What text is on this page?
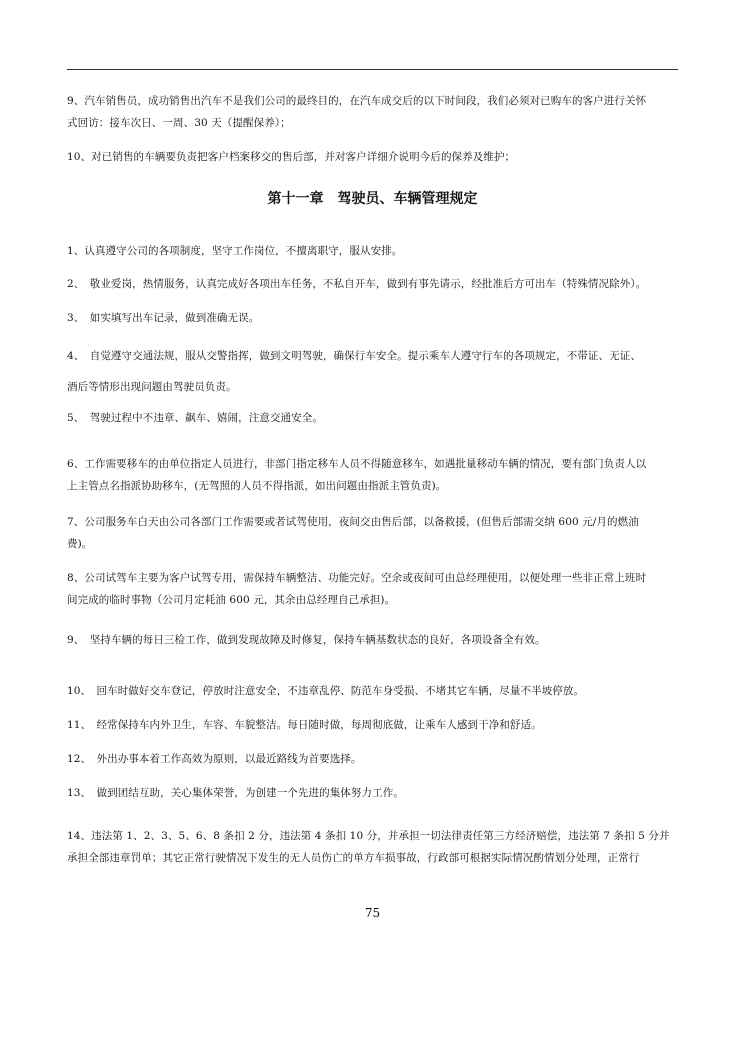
9、汽车销售员，成功销售出汽车不是我们公司的最终目的，在汽车成交后的以下时间段，我们必须对已购车的客户进行关怀
式回访：接车次日、一周、30 天（提醒保养）；
10、对已销售的车辆要负责把客户档案移交的售后部，并对客户详细介说明今后的保养及维护；
第十一章　驾驶员、车辆管理规定
1、认真遵守公司的各项制度，坚守工作岗位，不擅离职守，服从安排。
2、　敬业爱岗，热情服务，认真完成好各项出车任务，不私自开车，做到有事先请示，经批准后方可出车（特殊情况除外）。
3、　如实填写出车记录，做到准确无误。
4、　自觉遵守交通法规，服从交警指挥，做到文明驾驶，确保行车安全。提示乘车人遵守行车的各项规定，不带证、无证、
酒后等情形出现问题由驾驶员负责。
5、　驾驶过程中不违章、飙车、嬉闹，注意交通安全。
6、工作需要移车的由单位指定人员进行，非部门指定移车人员不得随意移车，如遇批量移动车辆的情况，要有部门负责人以
上主管点名指派协助移车，(无驾照的人员不得指派，如出问题由指派主管负责)。
7、公司服务车白天由公司各部门工作需要或者试驾使用，夜间交由售后部，以备救援，(但售后部需交纳 600 元/月的燃油
费)。
8、公司试驾车主要为客户试驾专用，需保持车辆整洁、功能完好。空余或夜间可由总经理使用，以便处理一些非正常上班时
间完成的临时事物（公司月定耗油 600 元，其余由总经理自己承担)。
9、　坚持车辆的每日三检工作，做到发现故障及时修复，保持车辆基数状态的良好，各项设备全有效。
10、　回车时做好交车登记，停放时注意安全，不违章乱停、防范车身受损、不堵其它车辆，尽量不半坡停放。
11、　经常保持车内外卫生，车容、车貌整洁。每日随时做，每周彻底做，让乘车人感到干净和舒适。
12、　外出办事本着工作高效为原则，以最近路线为首要选择。
13、　做到团结互助，关心集体荣誉，为创建一个先进的集体努力工作。
14、违法第 1、2、3、5、6、8 条扣 2 分，违法第 4 条扣 10 分，并承担一切法律责任第三方经济赔偿，违法第 7 条扣 5 分并
承担全部违章罚单；其它正常行驶情况下发生的无人员伤亡的单方车损事故，行政部可根据实际情况酌情划分处理，正常行
75
